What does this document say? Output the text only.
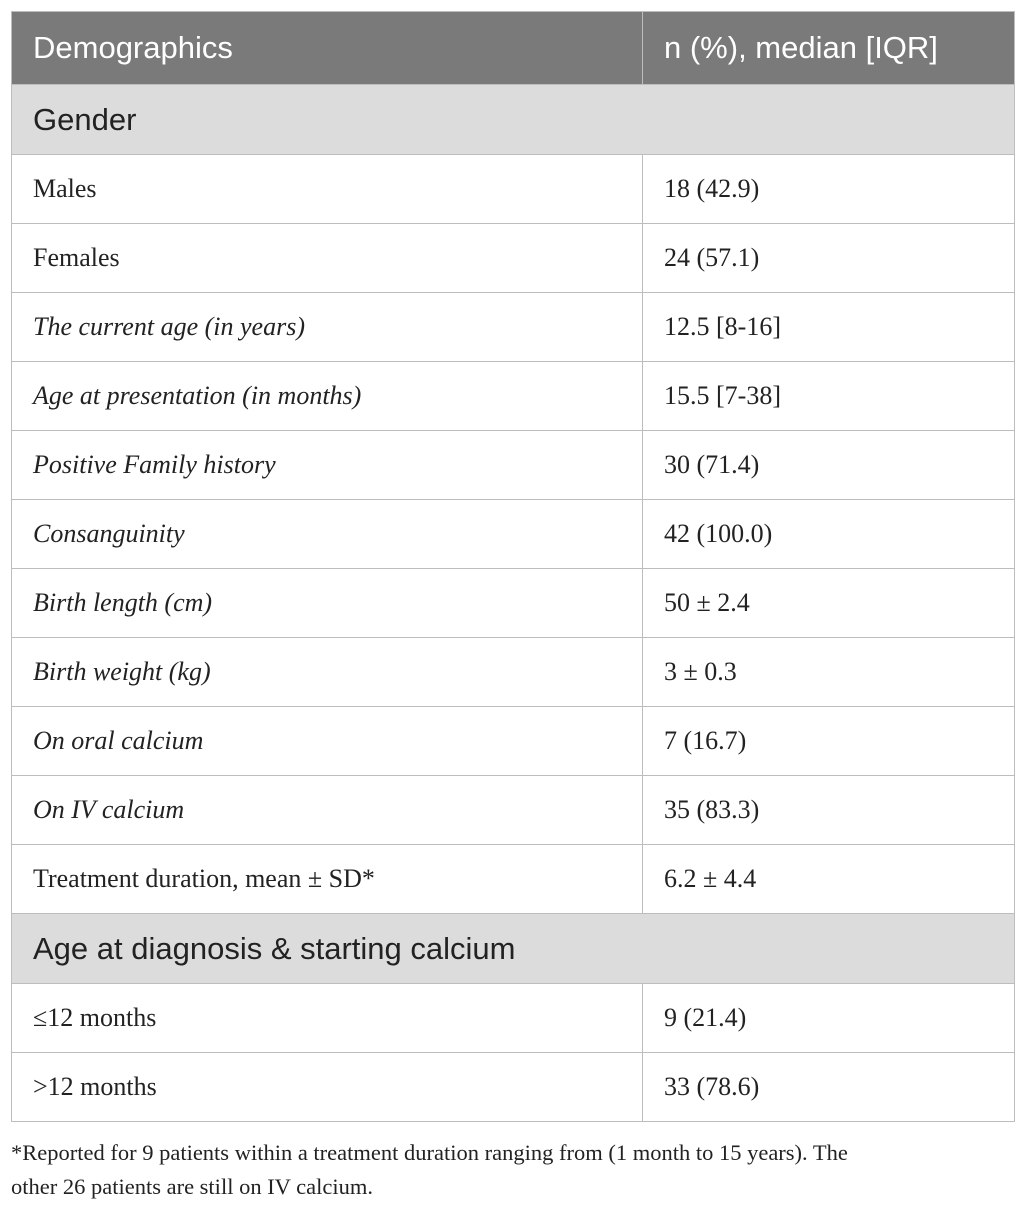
Demographics	n (%), median [IQR]
Gender	
Males	18 (42.9)
Females	24 (57.1)
The current age (in years)	12.5 [8-16]
Age at presentation (in months)	15.5 [7-38]
Positive Family history	30 (71.4)
Consanguinity	42 (100.0)
Birth length (cm)	50 ± 2.4
Birth weight (kg)	3 ± 0.3
On oral calcium	7 (16.7)
On IV calcium	35 (83.3)
Treatment duration, mean ± SD*	6.2 ± 4.4
Age at diagnosis & starting calcium	
≤12 months	9 (21.4)
>12 months	33 (78.6)
*Reported for 9 patients within a treatment duration ranging from (1 month to 15 years). The
other 26 patients are still on IV calcium.
